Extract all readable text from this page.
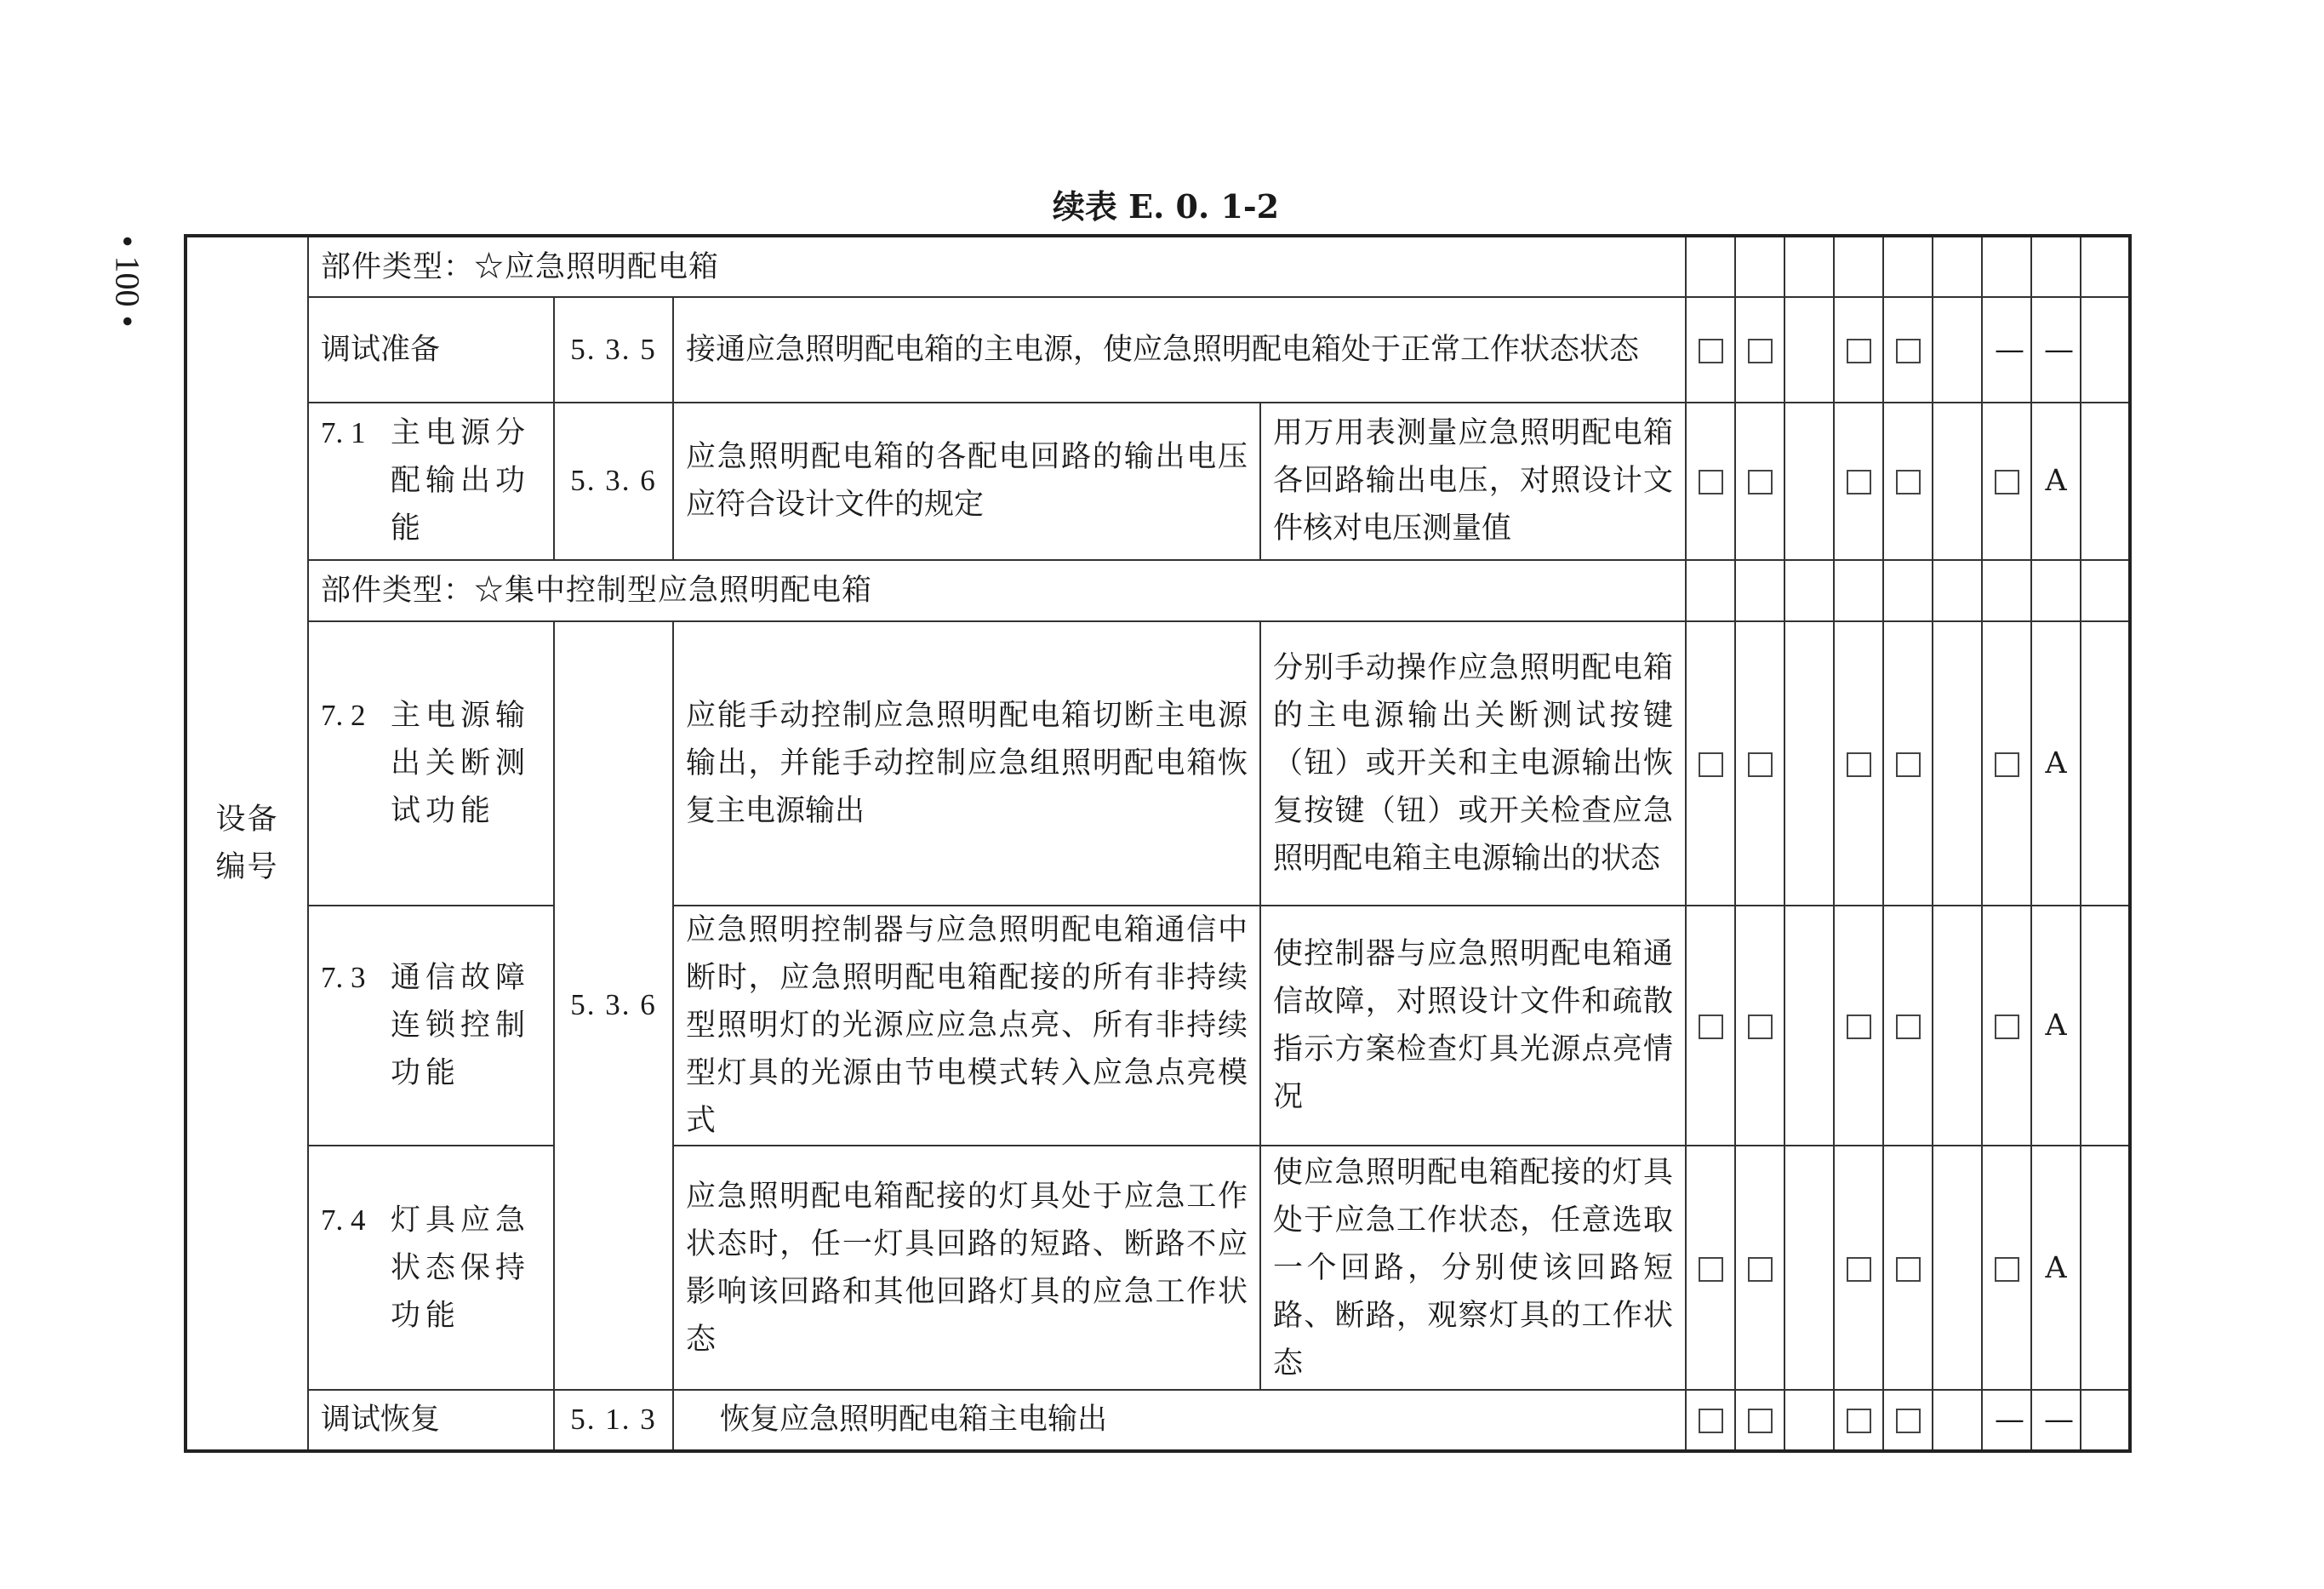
• 100 •
续表 E. 0. 1-2
设备
编号	部件类型：☆应急照明配电箱												
	调试准备	5. 3. 5	接通应急照明配电箱的主电源，使应急照明配电箱处于正常工作状态状态								—	—	

	7. 1 主电源分配输出功能	5. 3. 6	应急照明配电箱的各配电回路的输出电压应符合设计文件的规定	用万用表测量应急照明配电箱各回路输出电压，对照设计文件核对电压测量值								A	
	部件类型：☆集中控制型应急照明配电箱												

	7. 2 主电源输出关断测试功能	5. 3. 6	应能手动控制应急照明配电箱切断主电源输出，并能手动控制应急组照明配电箱恢复主电源输出	分别手动操作应急照明配电箱的主电源输出关断测试按键（钮）或开关和主电源输出恢复按键（钮）或开关检查应急照明配电箱主电源输出的状态								A	

	7. 3 通信故障连锁控制功能		应急照明控制器与应急照明配电箱通信中断时，应急照明配电箱配接的所有非持续型照明灯的光源应应急点亮、所有非持续型灯具的光源由节电模式转入应急点亮模式	使控制器与应急照明配电箱通信故障，对照设计文件和疏散指示方案检查灯具光源点亮情况								A	

	7. 4 灯具应急状态保持功能		应急照明配电箱配接的灯具处于应急工作状态时，任一灯具回路的短路、断路不应影响该回路和其他回路灯具的应急工作状态	使应急照明配电箱配接的灯具处于应急工作状态，任意选取一个回路，分别使该回路短路、断路，观察灯具的工作状态								A	
	调试恢复	5. 1. 3	恢复应急照明配电箱主电输出								—	—	
